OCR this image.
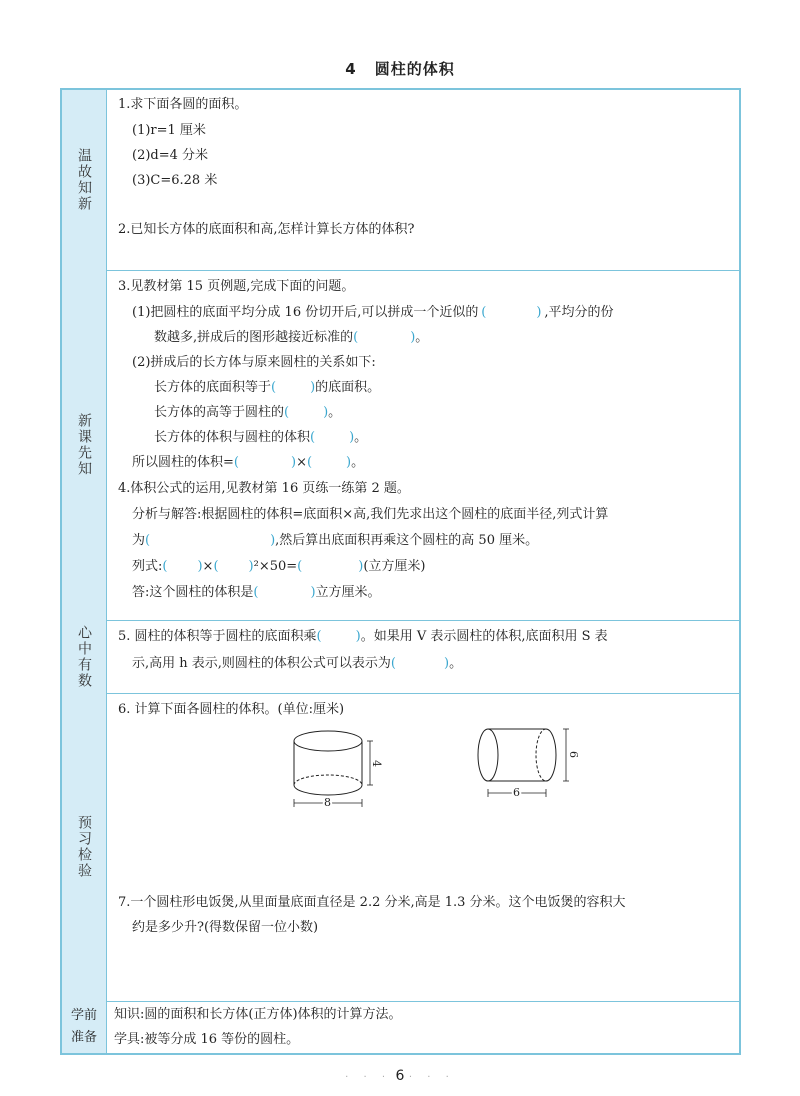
4 圆柱的体积
温故知新
1.求下面各圆的面积。
(1)r=1 厘米
(2)d=4 分米
(3)C=6.28 米
2.已知长方体的底面积和高,怎样计算长方体的体积?
新课先知
3.见教材第 15 页例题,完成下面的问题。
(1)把圆柱的底面平均分成 16 份切开后,可以拼成一个近似的 (  )	,平均分的份
数越多,拼成后的图形越接近标准的 (  )	。
(2)拼成后的长方体与原来圆柱的关系如下:
长方体的底面积等于 (  )	的底面积。
长方体的高等于圆柱的 (  )	。
长方体的体积与圆柱的体积 (  )	。
所以圆柱的体积= (  )	× (  )	。
4.体积公式的运用,见教材第 16 页练一练第 2 题。
分析与解答:根据圆柱的体积=底面积×高,我们先求出这个圆柱的底面半径,列式计算
为 (  )	,然后算出底面积再乘这个圆柱的高 50 厘米。
列式: (  )	× (  )	²×50= (  )	(立方厘米)
答:这个圆柱的体积是 (  )	立方厘米。
心中有数 5. 圆柱的体积等于圆柱的底面积乘 (  )	。如果用 V 表示圆柱的体积,底面积用 S 表
示,高用 h 表示,则圆柱的体积公式可以表示为 (  )	。
预习检验
6. 计算下面各圆柱的体积。(单位:厘米)
4
8
6
6
7.一个圆柱形电饭煲,从里面量底面直径是 2.2 分米,高是 1.3 分米。这个电饭煲的容积大
约是多少升?(得数保留一位小数)
学前
准备
知识:圆的面积和长方体(正方体)体积的计算方法。
学具:被等分成 16 等份的圆柱。
· · · 6 · · ·
